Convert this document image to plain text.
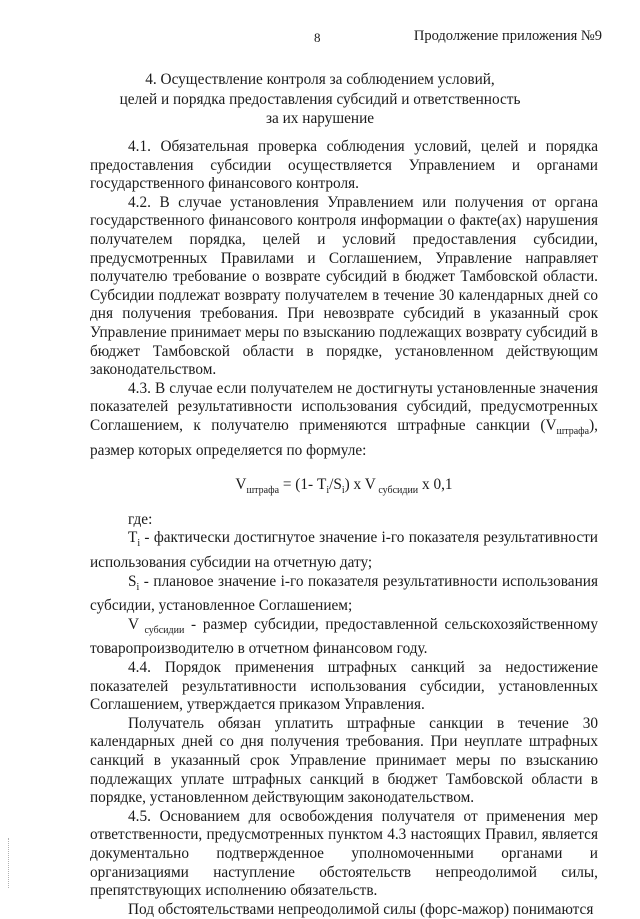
8	Продолжение приложения №9
4. Осуществление контроля за соблюдением условий,
целей и порядка предоставления субсидий и ответственность
за их нарушение

4.1. Обязательная проверка соблюдения условий, целей и порядка предоставления субсидии осуществляется Управлением и органами государственного финансового контроля.

4.2. В случае установления Управлением или получения от органа государственного финансового контроля информации о факте(ах) нарушения получателем порядка, целей и условий предоставления субсидии, предусмотренных Правилами и Соглашением, Управление направляет получателю требование о возврате субсидий в бюджет Тамбовской области. Субсидии подлежат возврату получателем в течение 30 календарных дней со дня получения требования. При невозврате субсидий в указанный срок Управление принимает меры по взысканию подлежащих возврату субсидий в бюджет Тамбовской области в порядке, установленном действующим законодательством.

4.3. В случае если получателем не достигнуты установленные значения показателей результативности использования субсидий, предусмотренных Соглашением, к получателю применяются штрафные санкции $(V_{штрафа})$, размер которых определяется по формуле:

$V_{штрафа} = (1-$ $T_i/S_i$) x V $_{субсидии}$ x 0,1

где:

$T_i$ - фактически достигнутое значение i-го показателя результативности использования субсидии на отчетную дату;

$S_i$ - плановое значение i-го показателя результативности использования субсидии, установленное Соглашением;

V $_{субсидии}$ - размер субсидии, предоставленной сельскохозяйственному товаропроизводителю в отчетном финансовом году.

4.4. Порядок применения штрафных санкций за недостижение показателей результативности использования субсидии, установленных Соглашением, утверждается приказом Управления.

Получатель обязан уплатить штрафные санкции в течение 30 календарных дней со дня получения требования. При неуплате штрафных санкций в указанный срок Управление принимает меры по взысканию подлежащих уплате штрафных санкций в бюджет Тамбовской области в порядке, установленном действующим законодательством.

4.5. Основанием для освобождения получателя от применения мер ответственности, предусмотренных пунктом 4.3 настоящих Правил, является документально подтвержденное уполномоченными органами и организациями наступление обстоятельств непреодолимой силы, препятствующих исполнению обязательств.

Под обстоятельствами непреодолимой силы (форс-мажор) понимаются
